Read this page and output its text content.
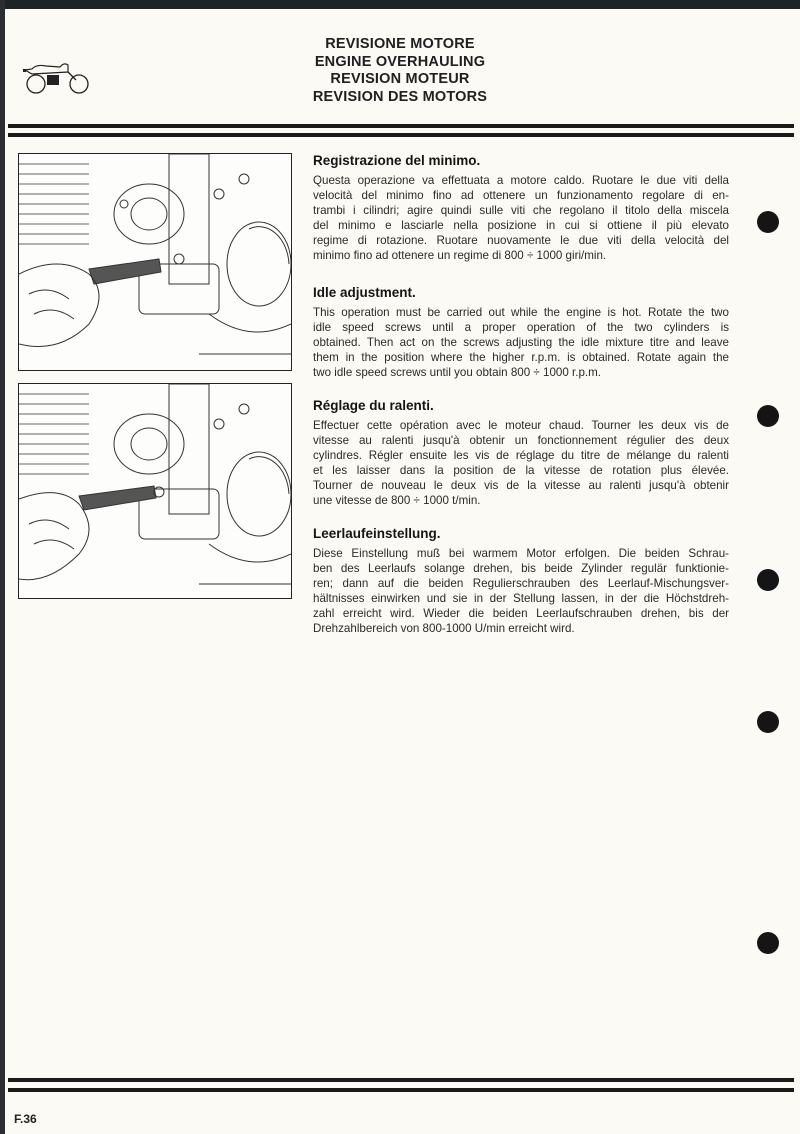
REVISIONE MOTORE
ENGINE OVERHAULING
REVISION MOTEUR
REVISION DES MOTORS
Registrazione del minimo.
Questa operazione va effettuata a motore caldo. Ruotare le due viti della
velocità del minimo fino ad ottenere un funzionamento regolare di en-
trambi i cilindri; agire quindi sulle viti che regolano il titolo della miscela
del minimo e lasciarle nella posizione in cui si ottiene il più elevato
regime di rotazione. Ruotare nuovamente le due viti della velocità del
minimo fino ad ottenere un regime di 800 ÷ 1000 giri/min.
Idle adjustment.
This operation must be carried out while the engine is hot. Rotate the two
idle speed screws until a proper operation of the two cylinders is
obtained. Then act on the screws adjusting the idle mixture titre and leave
them in the position where the higher r.p.m. is obtained. Rotate again the
two idle speed screws until you obtain 800 ÷ 1000 r.p.m.
Réglage du ralenti.
Effectuer cette opération avec le moteur chaud. Tourner les deux vis de
vitesse au ralenti jusqu'à obtenir un fonctionnement régulier des deux
cylindres. Régler ensuite les vis de réglage du titre de mélange du ralenti
et les laisser dans la position de la vitesse de rotation plus élevée.
Tourner de nouveau le deux vis de la vitesse au ralenti jusqu'à obtenir
une vitesse de 800 ÷ 1000 t/min.
Leerlaufeinstellung.
Diese Einstellung muß bei warmem Motor erfolgen. Die beiden Schrau-
ben des Leerlaufs solange drehen, bis beide Zylinder regulär funktionie-
ren; dann auf die beiden Regulierschrauben des Leerlauf-Mischungsver-
hältnisses einwirken und sie in der Stellung lassen, in der die Höchstdreh-
zahl erreicht wird. Wieder die beiden Leerlaufschrauben drehen, bis der
Drehzahlbereich von 800-1000 U/min erreicht wird.
F.36
